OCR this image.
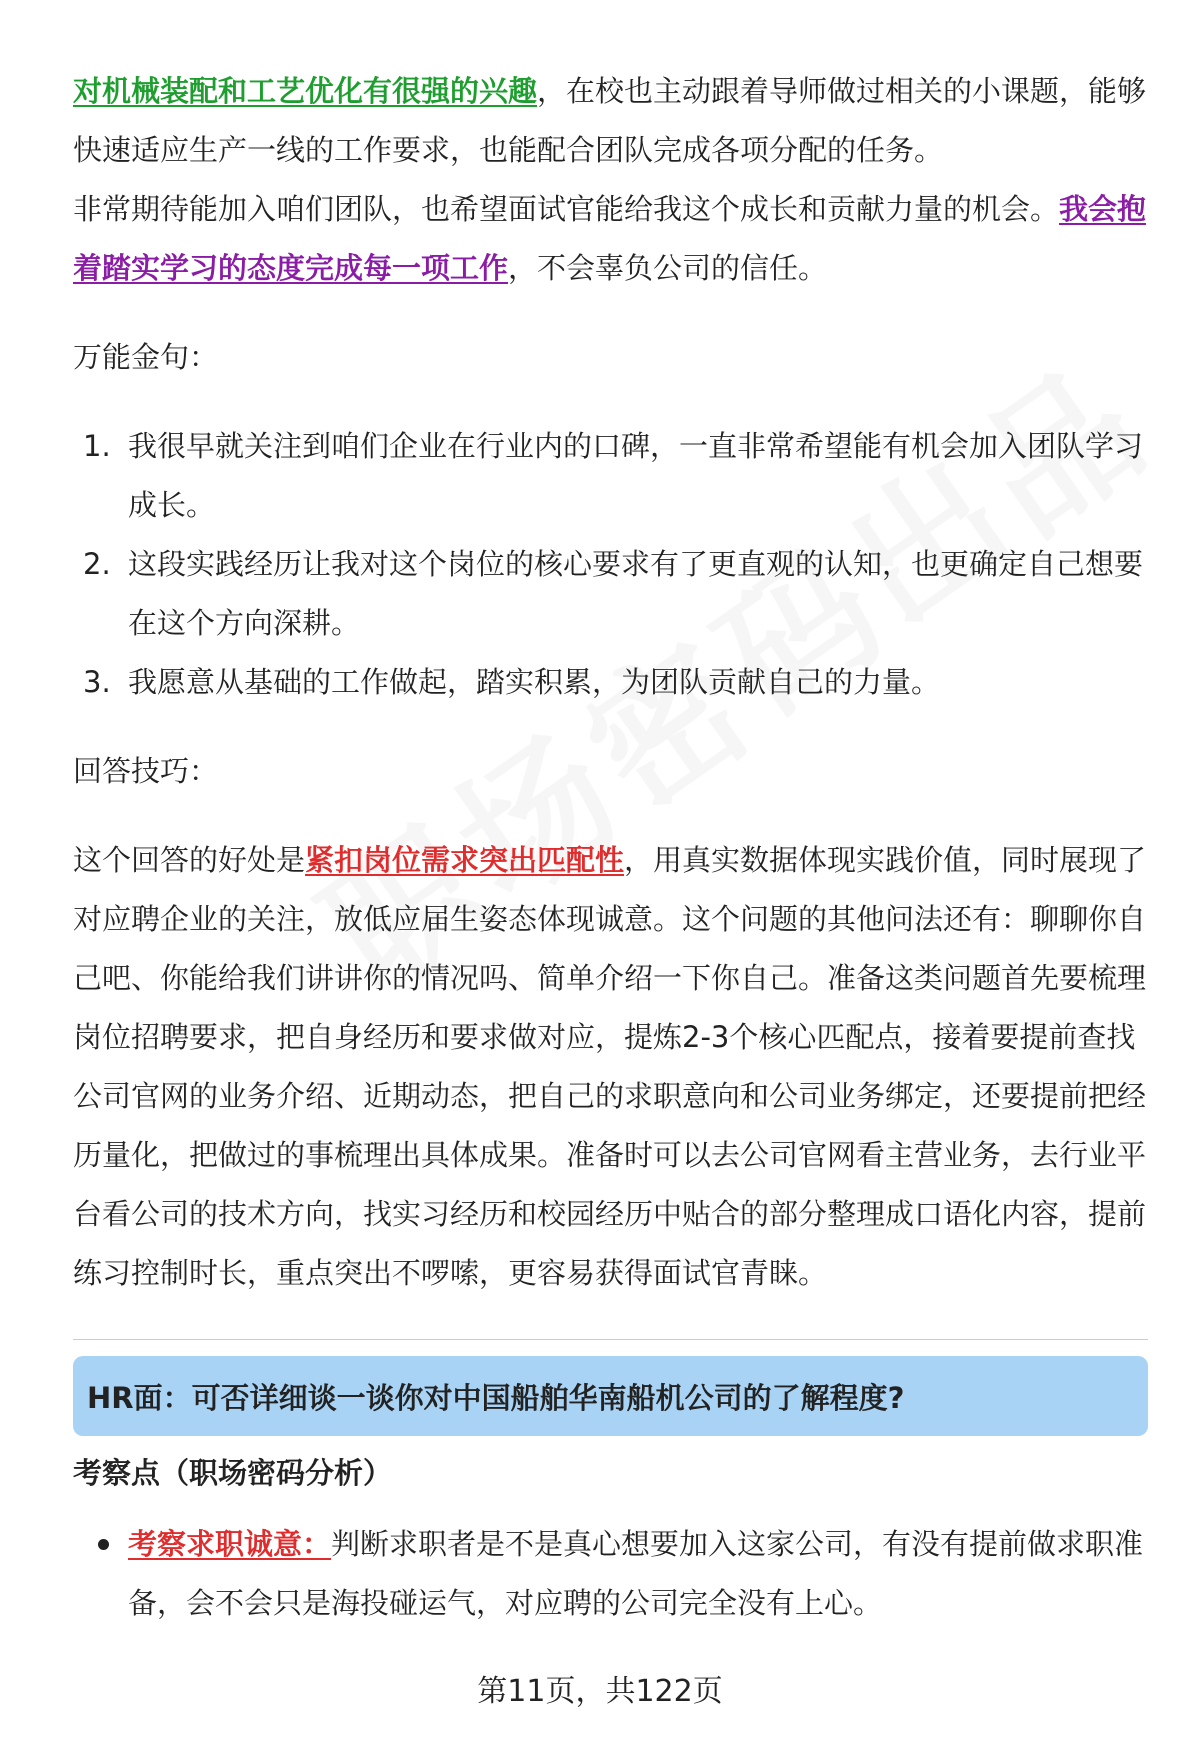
对机械装配和工艺优化有很强的兴趣，在校也主动跟着导师做过相关的小课题，能够快速适应生产一线的工作要求，也能配合团队完成各项分配的任务。

非常期待能加入咱们团队，也希望面试官能给我这个成长和贡献力量的机会。我会抱着踏实学习的态度完成每一项工作，不会辜负公司的信任。

万能金句：

1. 我很早就关注到咱们企业在行业内的口碑，一直非常希望能有机会加入团队学习成长。
2. 这段实践经历让我对这个岗位的核心要求有了更直观的认知，也更确定自己想要在这个方向深耕。
3. 我愿意从基础的工作做起，踏实积累，为团队贡献自己的力量。

回答技巧：

这个回答的好处是紧扣岗位需求突出匹配性，用真实数据体现实践价值，同时展现了对应聘企业的关注，放低应届生姿态体现诚意。这个问题的其他问法还有：聊聊你自己吧、你能给我们讲讲你的情况吗、简单介绍一下你自己。准备这类问题首先要梳理岗位招聘要求，把自身经历和要求做对应，提炼2-3个核心匹配点，接着要提前查找公司官网的业务介绍、近期动态，把自己的求职意向和公司业务绑定，还要提前把经历量化，把做过的事梳理出具体成果。准备时可以去公司官网看主营业务，去行业平台看公司的技术方向，找实习经历和校园经历中贴合的部分整理成口语化内容，提前练习控制时长，重点突出不啰嗦，更容易获得面试官青睐。

HR面：可否详细谈一谈你对中国船舶华南船机公司的了解程度?
考察点（职场密码分析）
考察求职诚意：判断求职者是不是真心想要加入这家公司，有没有提前做求职准备，会不会只是海投碰运气，对应聘的公司完全没有上心。
第11页，共122页
